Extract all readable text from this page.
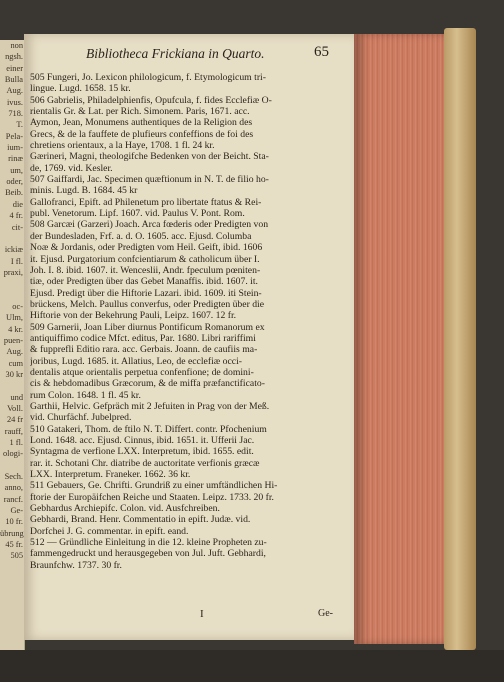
non
ngsh.
einer
Bulla
Aug.
ivus.
718.
T.
Pela-
ium-
rinæ
um,
oder,
Beib.
die
4 fr.
cit-
ickiæ
I fl.
praxi,
oc-
Ulm,
4 kr.
puen-
Aug.
cum
30 kr
und
Voll.
24 fr
rauff,
1 fl.
ologi-
Sech.
anno,
rancf.
Ge-
10 fr.
übrung
45 fr.
505
Bibliotheca Frickiana in Quarto.	65
505 Fungeri, Jo. Lexicon philologicum, f. Etymologicum tri-
lingue. Lugd. 1658. 15 kr.
506 Gabrielis, Philadelphienfis, Opufcula, f. fides Ecclefiæ O-
rientalis Gr. & Lat. per Rich. Simonem. Paris, 1671. acc.
Aymon, Jean, Monumens authentiques de la Religion des
Grecs, & de la fauffete de plufieurs confeffions de foi des
chretiens orientaux, a la Haye, 1708. 1 fl. 24 kr.
Gærineri, Magni, theologifche Bedenken von der Beicht. Sta-
de, 1769. vid. Kesler.
507 Gaiffardi, Jac. Specimen quæftionum in N. T. de filio ho-
minis. Lugd. B. 1684. 45 kr
Gallofranci, Epift. ad Philenetum pro libertate ftatus & Rei-
publ. Venetorum. Lipf. 1607. vid. Paulus V. Pont. Rom.
508 Garcæi (Garzeri) Joach. Arca fœderis oder Predigten von
der Bundesladen, Frf. a. d. O. 1605. acc. Ejusd. Columba
Noæ & Jordanis, oder Predigten vom Heil. Geift, ibid. 1606
it. Ejusd. Purgatorium confcientiarum & catholicum über I.
Joh. I. 8. ibid. 1607. it. Wenceslii, Andr. fpeculum pœniten-
tiæ, oder Predigten über das Gebet Manaffis. ibid. 1607. it.
Ejusd. Predigt über die Hiftorie Lazari. ibid. 1609. iti Stein-
brückens, Melch. Paullus converfus, oder Predigten über die
Hiftorie von der Bekehrung Pauli, Leipz. 1607. 12 fr.
509 Garnerii, Joan Liber diurnus Pontificum Romanorum ex
antiquiffimo codice Mfct. editus, Par. 1680. Libri rariffimi
& fupprefli Editio rara. acc. Gerbais. Joann. de caufiis ma-
joribus, Lugd. 1685. it. Allatius, Leo, de ecclefiæ occi-
dentalis atque orientalis perpetua confenfione; de domini-
cis & hebdomadibus Græcorum, & de miffa præfanctificato-
rum Colon. 1648. 1 fl. 45 kr.
Garthii, Helvic. Gefpräch mit 2 Jefuiten in Prag von der Meß.
vid. Churfächf. Jubelpred.
510 Gatakeri, Thom. de ftilo N. T. Differt. contr. Pfochenium
Lond. 1648. acc. Ejusd. Cinnus, ibid. 1651. it. Ufferii Jac.
Syntagma de verfione LXX. Interpretum, ibid. 1655. edit.
rar. it. Schotani Chr. diatribe de auctoritate verfionis græcæ
LXX. Interpretum. Franeker. 1662. 36 kr.
511 Gebauers, Ge. Chrifti. Grundriß zu einer umftändlichen Hi-
ftorie der Europäifchen Reiche und Staaten. Leipz. 1733. 20 fr.
Gebhardus Archiepifc. Colon. vid. Ausfchreiben.
Gebhardi, Brand. Henr. Commentatio in epift. Judæ. vid.
Dorfchei J. G. commentar. in epift. eand.
512 — Gründliche Einleitung in die 12. kleine Propheten zu-
fammengedruckt und herausgegeben von Jul. Juft. Gebhardi,
Braunfchw. 1737. 30 fr.
I	Ge-
